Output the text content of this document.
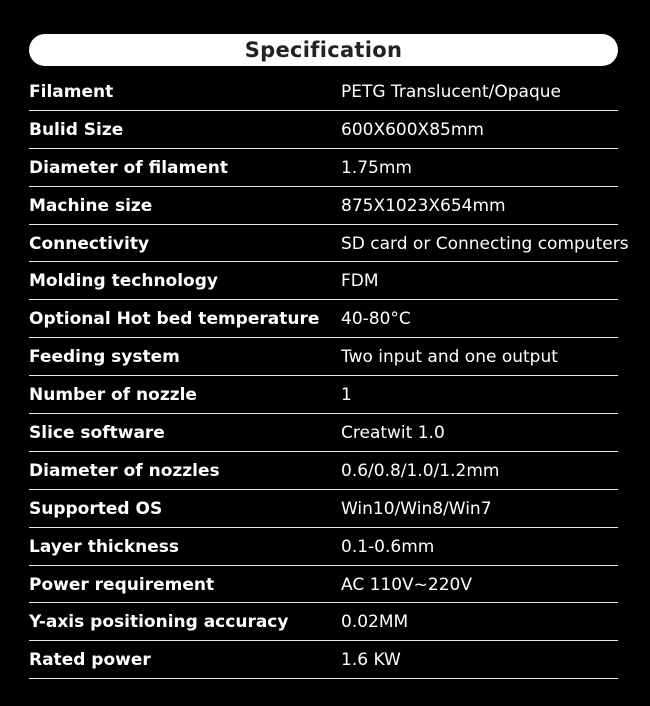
Specification
Filament	PETG Translucent/Opaque
Bulid Size	600X600X85mm
Diameter of filament	1.75mm
Machine size	875X1023X654mm
Connectivity	SD card or Connecting computers
Molding technology	FDM
Optional Hot bed temperature 40-80°C
Feeding system	Two input and one output
Number of nozzle	1
Slice software	Creatwit 1.0
Diameter of nozzles	0.6/0.8/1.0/1.2mm
Supported OS	Win10/Win8/Win7
Layer thickness	0.1-0.6mm
Power requirement	AC 110V~220V
Y-axis positioning accuracy	0.02MM
Rated power	1.6 KW
